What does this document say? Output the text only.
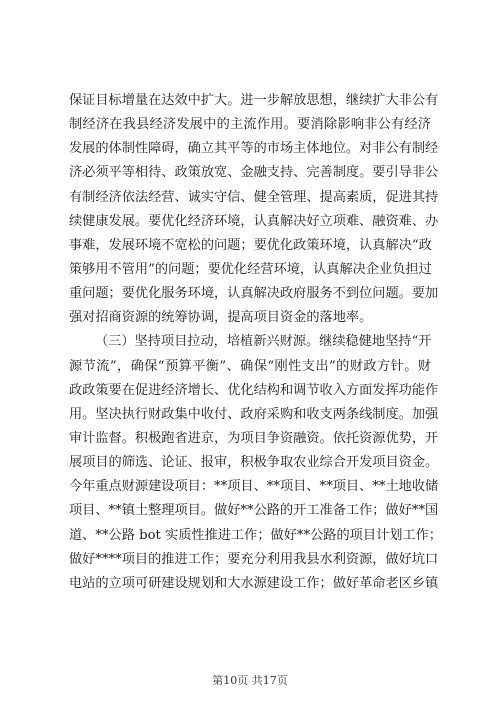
保证目标增量在达效中扩大。进一步解放思想，继续扩大非公有
制经济在我县经济发展中的主流作用。要消除影响非公有经济
发展的体制性障碍，确立其平等的市场主体地位。对非公有制经
济必须平等相待、政策放宽、金融支持、完善制度。要引导非公
有制经济依法经营、诚实守信、健全管理、提高素质，促进其持
续健康发展。要优化经济环境，认真解决好立项难、融资难、办
事难，发展环境不宽松的问题；要优化政策环境，认真解决“政
策够用不管用”的问题；要优化经营环境，认真解决企业负担过
重问题；要优化服务环境，认真解决政府服务不到位问题。要加
强对招商资源的统筹协调，提高项目资金的落地率。
（三）坚持项目拉动，培植新兴财源。继续稳健地坚持“开
源节流”，确保“预算平衡”、确保“刚性支出”的财政方针。财
政政策要在促进经济增长、优化结构和调节收入方面发挥功能作
用。坚决执行财政集中收付、政府采购和收支两条线制度。加强
审计监督。积极跑省进京，为项目争资融资。依托资源优势，开
展项目的筛选、论证、报审，积极争取农业综合开发项目资金。
今年重点财源建设项目：**项目、**项目、**项目、**土地收储
项目、**镇土整理项目。做好**公路的开工准备工作；做好**国
道、**公路 bot 实质性推进工作；做好**公路的项目计划工作；
做好****项目的推进工作；要充分利用我县水利资源，做好坑口
电站的立项可研建设规划和大水源建设工作；做好革命老区乡镇
第10页 共17页
